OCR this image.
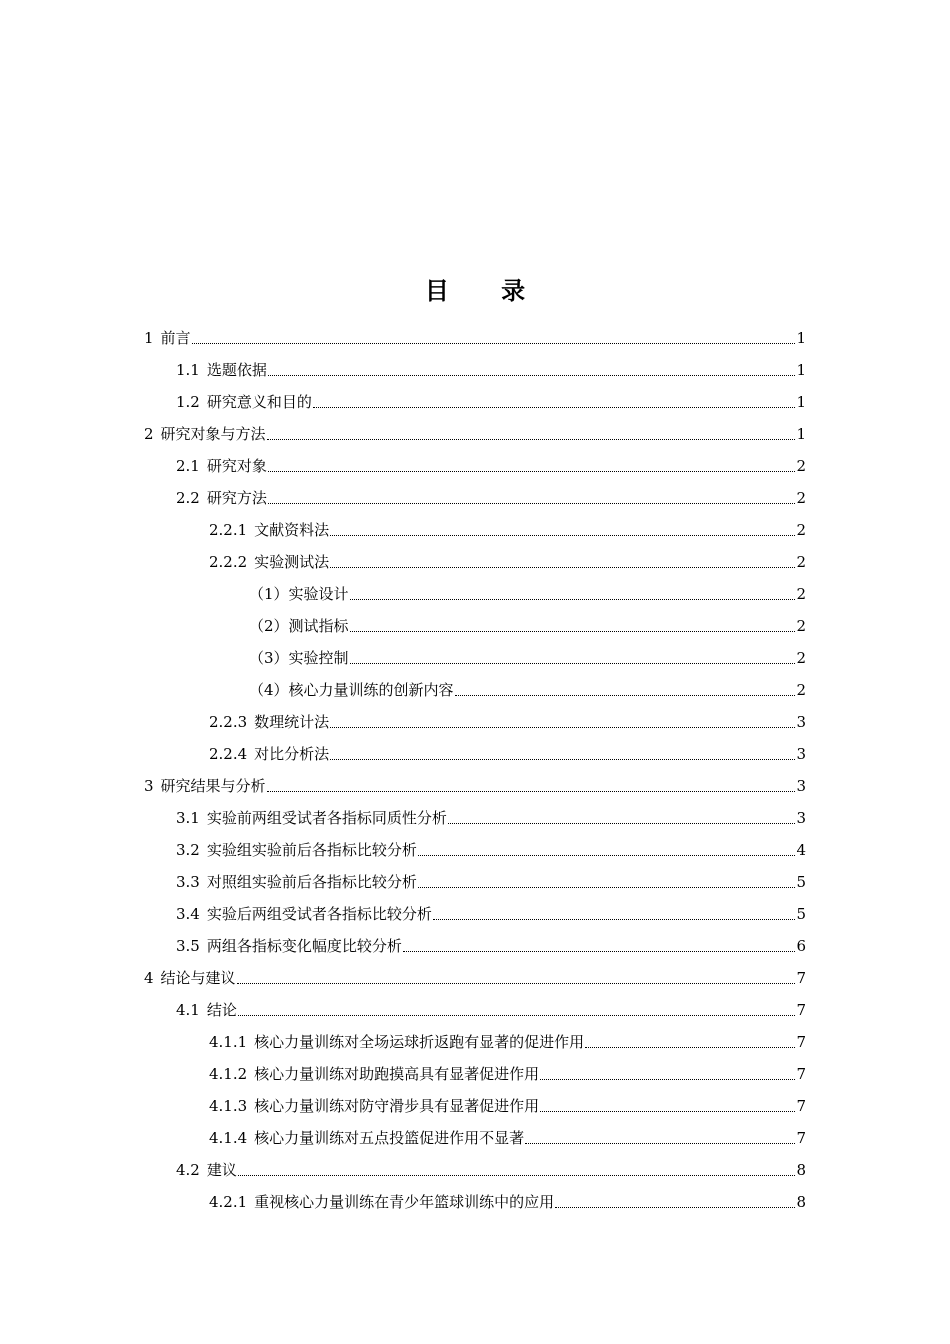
目 录
1 前言	1
1.1 选题依据	1
1.2 研究意义和目的	1
2 研究对象与方法	1
2.1 研究对象	2
2.2 研究方法	2
2.2.1 文献资料法	2
2.2.2 实验测试法	2
（1）实验设计	2
（2）测试指标	2
（3）实验控制	2
（4）核心力量训练的创新内容	2
2.2.3 数理统计法	3
2.2.4 对比分析法	3
3 研究结果与分析	3
3.1 实验前两组受试者各指标同质性分析	3
3.2 实验组实验前后各指标比较分析	4
3.3 对照组实验前后各指标比较分析	5
3.4 实验后两组受试者各指标比较分析	5
3.5 两组各指标变化幅度比较分析	6
4 结论与建议	7
4.1 结论	7
4.1.1 核心力量训练对全场运球折返跑有显著的促进作用	7
4.1.2 核心力量训练对助跑摸高具有显著促进作用	7
4.1.3 核心力量训练对防守滑步具有显著促进作用	7
4.1.4 核心力量训练对五点投篮促进作用不显著	7
4.2 建议	8
4.2.1 重视核心力量训练在青少年篮球训练中的应用	8
